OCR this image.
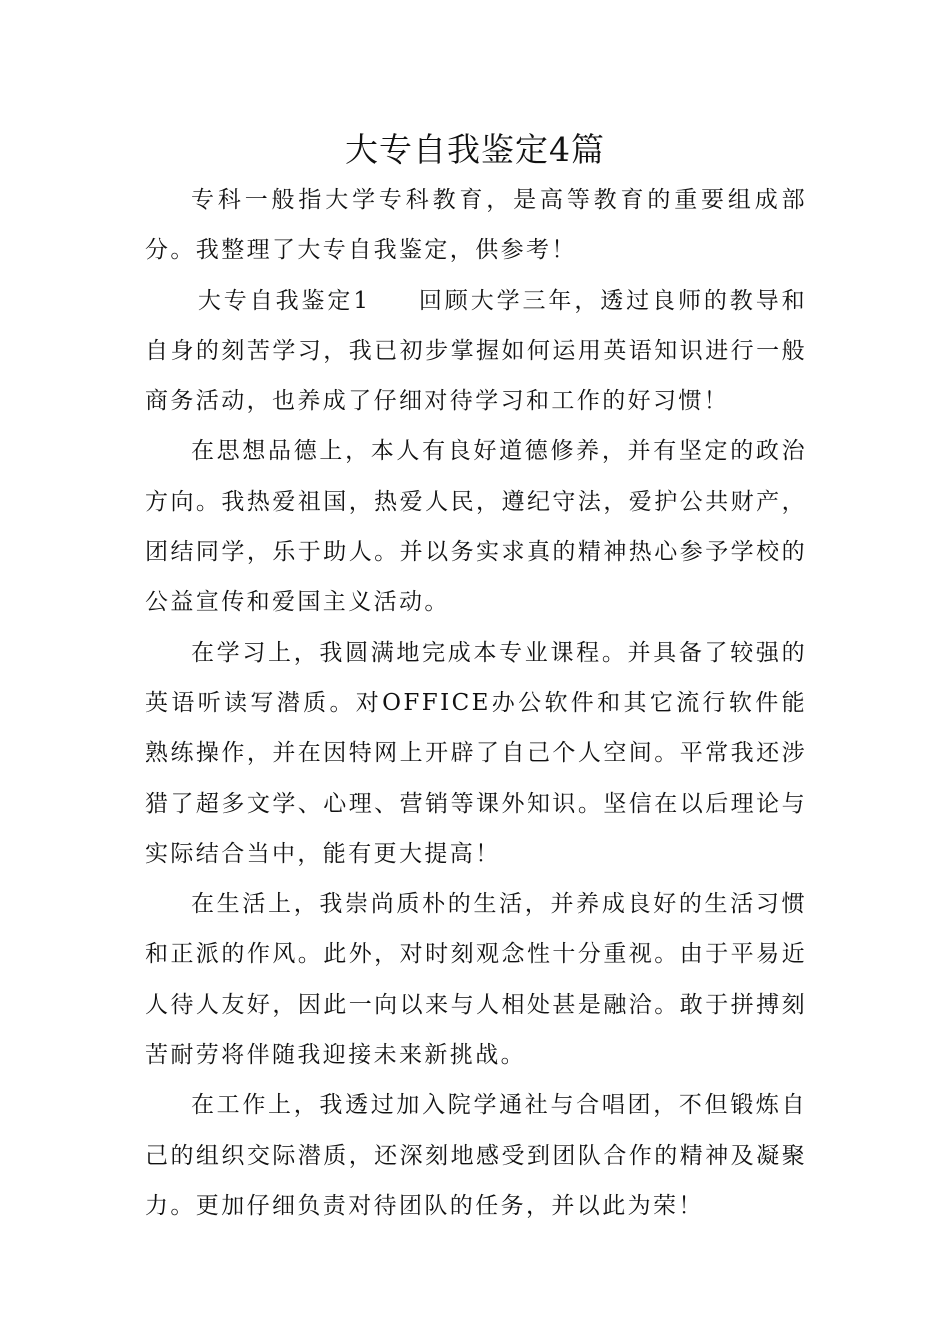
大专自我鉴定4篇

专科一般指大学专科教育，是高等教育的重要组成部分。我整理了大专自我鉴定，供参考！

大专自我鉴定1 回顾大学三年，透过良师的教导和自身的刻苦学习，我已初步掌握如何运用英语知识进行一般商务活动，也养成了仔细对待学习和工作的好习惯！

在思想品德上，本人有良好道德修养，并有坚定的政治方向。我热爱祖国，热爱人民，遵纪守法，爱护公共财产，团结同学，乐于助人。并以务实求真的精神热心参予学校的公益宣传和爱国主义活动。

在学习上，我圆满地完成本专业课程。并具备了较强的英语听读写潜质。对OFFICE办公软件和其它流行软件能熟练操作，并在因特网上开辟了自己个人空间。平常我还涉猎了超多文学、心理、营销等课外知识。坚信在以后理论与实际结合当中，能有更大提高！

在生活上，我崇尚质朴的生活，并养成良好的生活习惯和正派的作风。此外，对时刻观念性十分重视。由于平易近人待人友好，因此一向以来与人相处甚是融洽。敢于拼搏刻苦耐劳将伴随我迎接未来新挑战。

在工作上，我透过加入院学通社与合唱团，不但锻炼自己的组织交际潜质，还深刻地感受到团队合作的精神及凝聚力。更加仔细负责对待团队的任务，并以此为荣！
